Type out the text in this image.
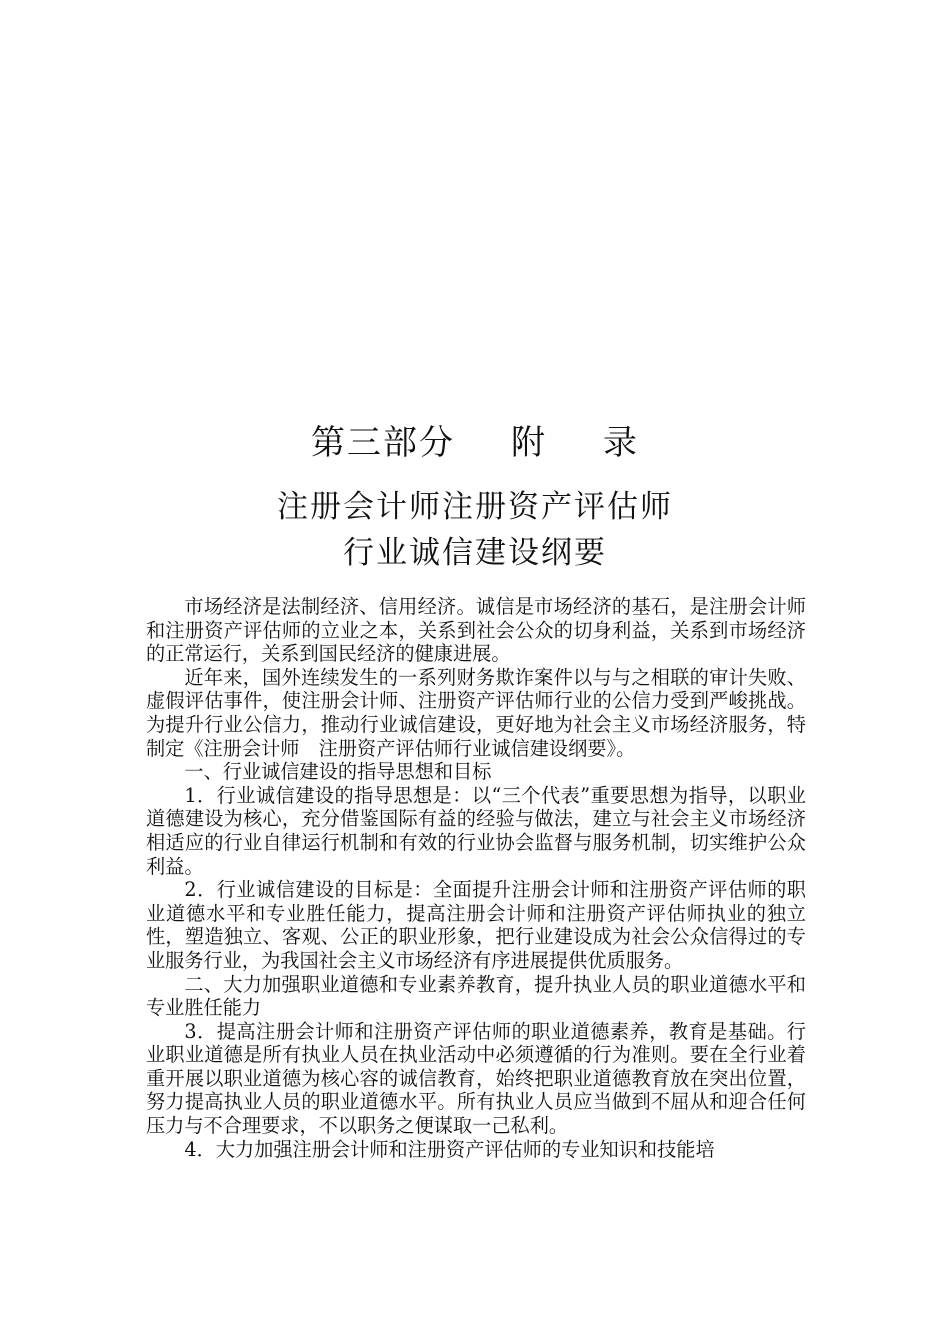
第三部分 附 录
注册会计师注册资产评估师
行业诚信建设纲要

市场经济是法制经济、信用经济。诚信是市场经济的基石，是注册会计师和注册资产评估师的立业之本，关系到社会公众的切身利益，关系到市场经济的正常运行，关系到国民经济的健康进展。

近年来，国外连续发生的一系列财务欺诈案件以与与之相联的审计失败、虚假评估事件，使注册会计师、注册资产评估师行业的公信力受到严峻挑战。为提升行业公信力，推动行业诚信建设，更好地为社会主义市场经济服务，特制定《注册会计师　注册资产评估师行业诚信建设纲要》。

一、行业诚信建设的指导思想和目标

1．行业诚信建设的指导思想是：以“三个代表”重要思想为指导，以职业道德建设为核心，充分借鉴国际有益的经验与做法，建立与社会主义市场经济相适应的行业自律运行机制和有效的行业协会监督与服务机制，切实维护公众利益。

2．行业诚信建设的目标是：全面提升注册会计师和注册资产评估师的职业道德水平和专业胜任能力，提高注册会计师和注册资产评估师执业的独立性，塑造独立、客观、公正的职业形象，把行业建设成为社会公众信得过的专业服务行业，为我国社会主义市场经济有序进展提供优质服务。

二、大力加强职业道德和专业素养教育，提升执业人员的职业道德水平和专业胜任能力

3．提高注册会计师和注册资产评估师的职业道德素养，教育是基础。行业职业道德是所有执业人员在执业活动中必须遵循的行为准则。要在全行业着重开展以职业道德为核心容的诚信教育，始终把职业道德教育放在突出位置，努力提高执业人员的职业道德水平。所有执业人员应当做到不屈从和迎合任何压力与不合理要求，不以职务之便谋取一己私利。

4．大力加强注册会计师和注册资产评估师的专业知识和技能培
